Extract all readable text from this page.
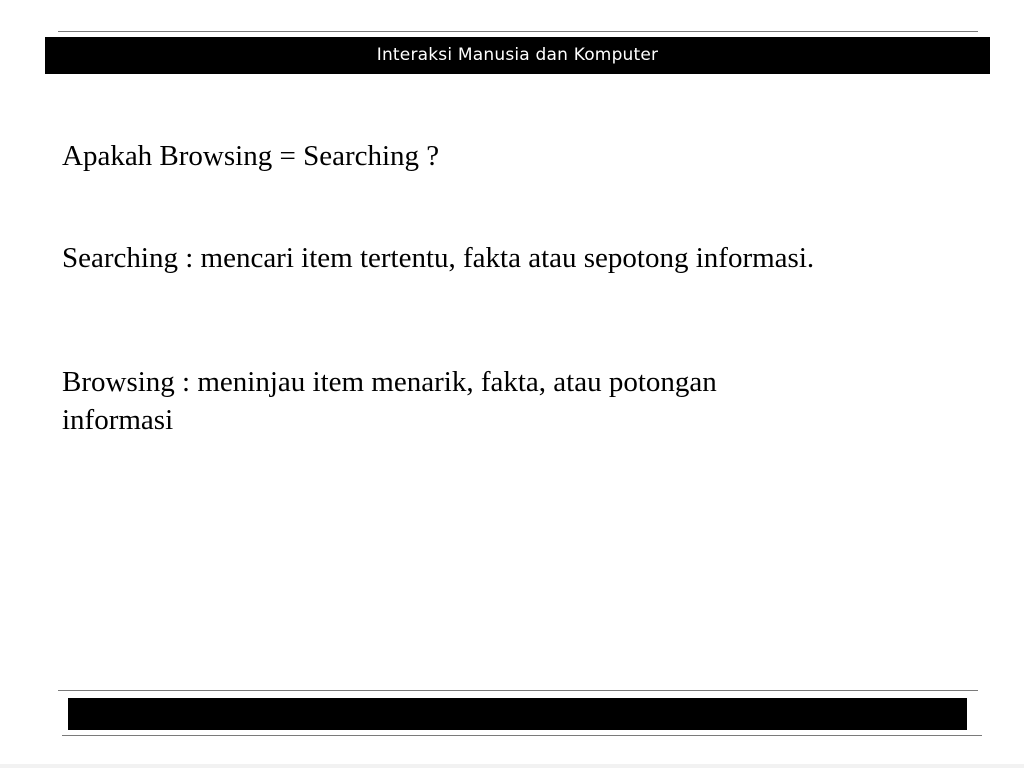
Interaksi Manusia dan Komputer

Apakah Browsing = Searching ?

Searching : mencari item tertentu, fakta atau sepotong informasi.

Browsing : meninjau item menarik, fakta, atau potongan
informasi
